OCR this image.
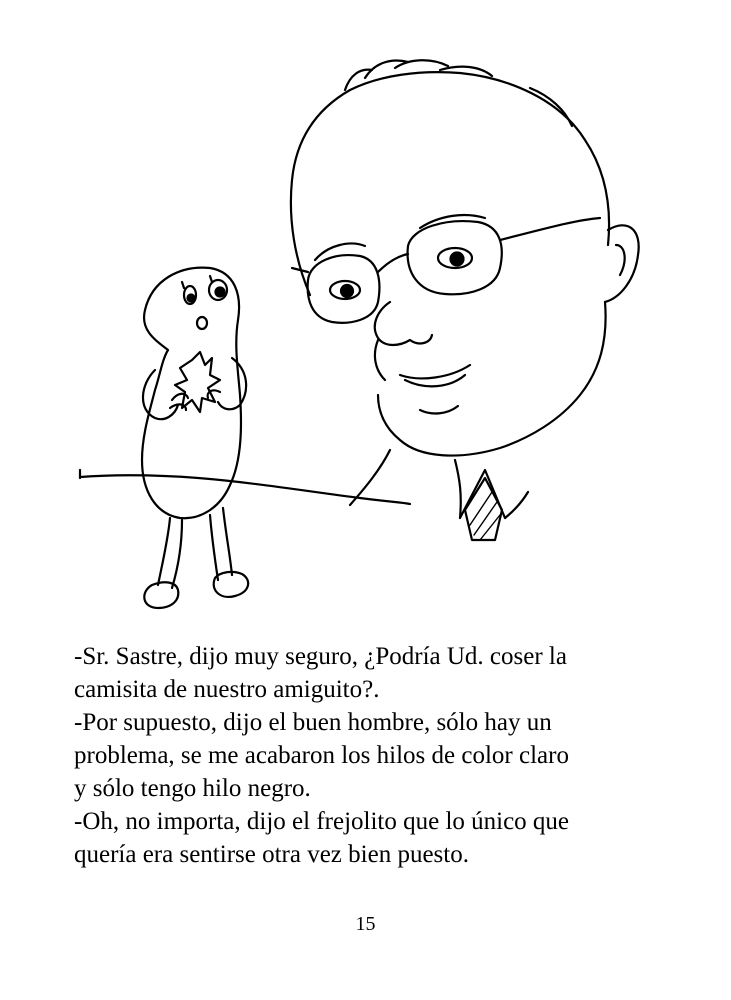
-Sr. Sastre, dijo muy seguro, ¿Podría Ud. coser la
camisita de nuestro amiguito?.

-Por supuesto, dijo el buen hombre, sólo hay un
problema, se me acabaron los hilos de color claro
y sólo tengo hilo negro.

-Oh, no importa, dijo el frejolito que lo único que
quería era sentirse otra vez bien puesto.

15
